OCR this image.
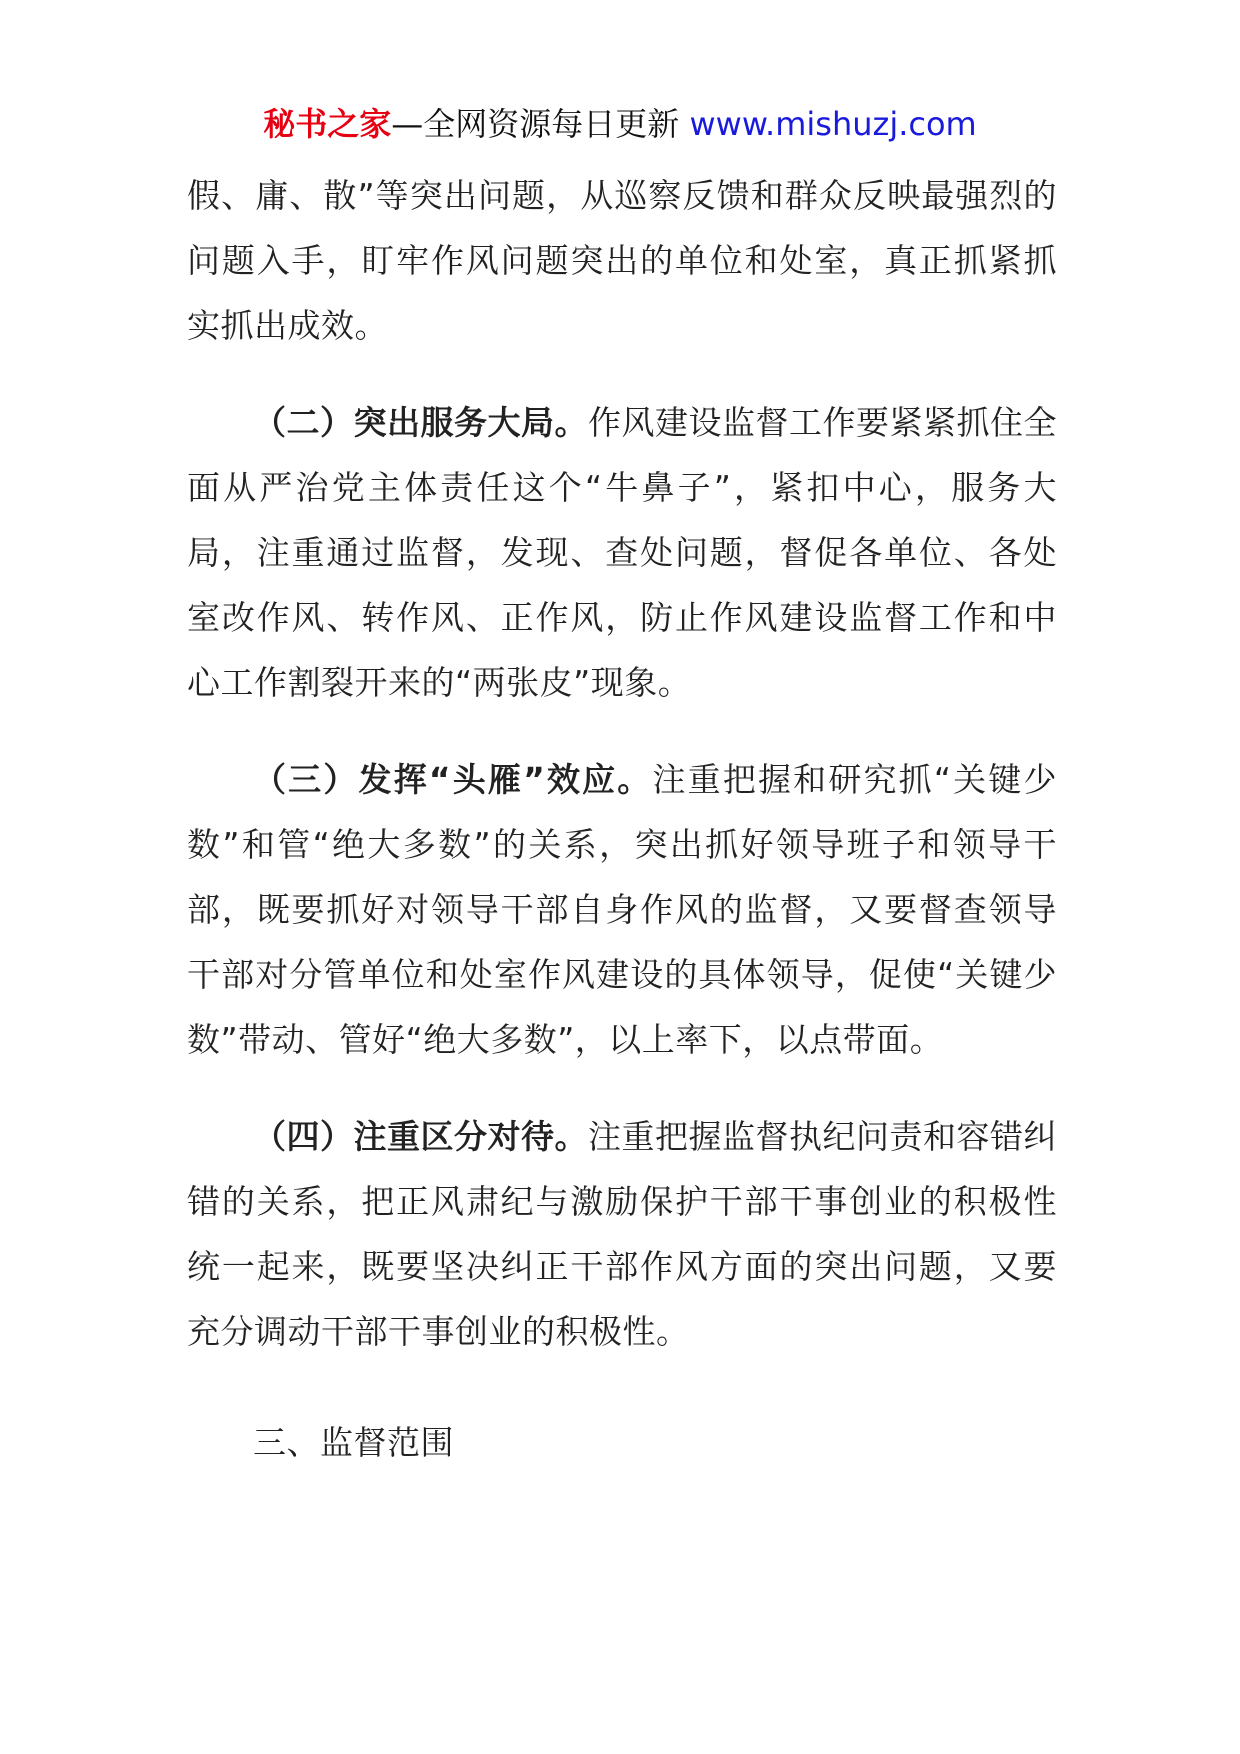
秘书之家—全网资源每日更新 www.mishuzj.com

假、庸、散”等突出问题，从巡察反馈和群众反映最强烈的问题入手，盯牢作风问题突出的单位和处室，真正抓紧抓实抓出成效。

（二）突出服务大局。作风建设监督工作要紧紧抓住全面从严治党主体责任这个“牛鼻子”，紧扣中心，服务大局，注重通过监督，发现、查处问题，督促各单位、各处室改作风、转作风、正作风，防止作风建设监督工作和中心工作割裂开来的“两张皮”现象。

（三）发挥“头雁”效应。注重把握和研究抓“关键少数”和管“绝大多数”的关系，突出抓好领导班子和领导干部，既要抓好对领导干部自身作风的监督，又要督查领导干部对分管单位和处室作风建设的具体领导，促使“关键少数”带动、管好“绝大多数”，以上率下，以点带面。

（四）注重区分对待。注重把握监督执纪问责和容错纠错的关系，把正风肃纪与激励保护干部干事创业的积极性统一起来，既要坚决纠正干部作风方面的突出问题，又要充分调动干部干事创业的积极性。

三、监督范围
